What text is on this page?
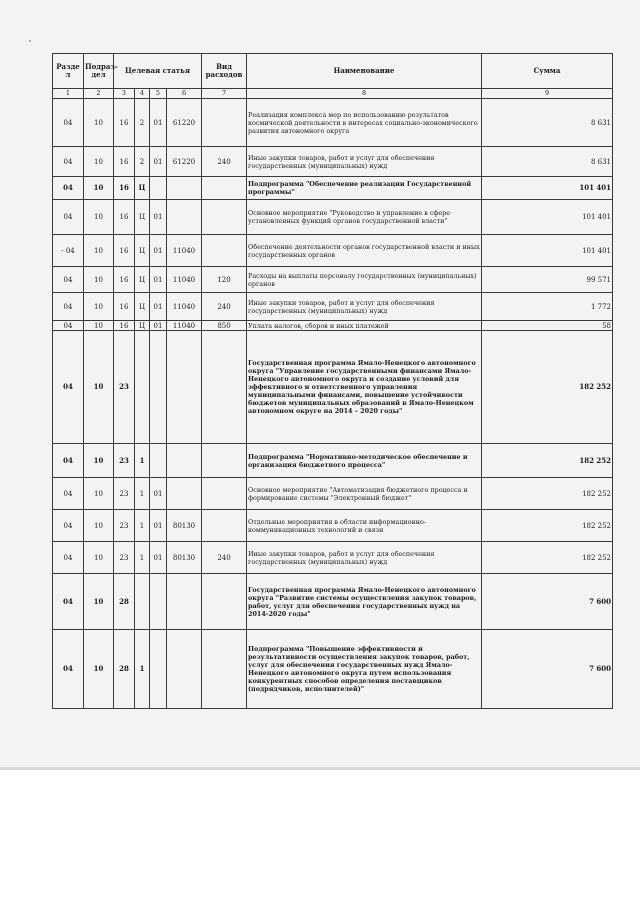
Разде л	Подраз- дел	Целевая статья				Вид расходов	Наименование	Сумма
1	2	3	4	5	6	7	8	9
04	10	16	2	01	61220		Реализация комплекса мер по использованию результатов космической деятельности в интересах социально-экономического развития автономного округа	8 631
04	10	16	2	01	61220	240	Иные закупки товаров, работ и услуг для обеспечения государственных (муниципальных) нужд	8 631
04	10	16	Ц				Подпрограмма "Обеспечение реализации Государственной программы"	101 401
04	10	16	Ц	01			Основное мероприятие "Руководство и управление в сфере установленных функций органов государственной власти"	101 401
- 04	10	16	Ц	01	11040		Обеспечение деятельности органов государственной власти и иных государственных органов	101 401
04	10	16	Ц	01	11040	120	Расходы на выплаты персоналу государственных (муниципальных) органов	99 571
04	10	16	Ц	01	11040	240	Иные закупки товаров, работ и услуг для обеспечения государственных (муниципальных) нужд	1 772
04	10	16	Ц	01	11040	850	Уплата налогов, сборов и иных платежей	58
04	10	23					Государственная программа Ямало-Ненецкого автономного округа "Управление государственными финансами Ямало-Ненецкого автономного округа и создание условий для эффективного и ответственного управления муниципальными финансами, повышение устойчивости бюджетов муниципальных образований в Ямало-Ненецком автономном округе на 2014 – 2020 годы"	182 252
04	10	23	1				Подпрограмма "Нормативно-методическое обеспечение и организация бюджетного процесса"	182 252
04	10	23	1	01			Основное мероприятие "Автоматизация бюджетного процесса и формирование системы "Электронный бюджет"	182 252
04	10	23	1	01	80130		Отдельные мероприятия в области информационно-коммуникационных технологий и связи	182 252
04	10	23	1	01	80130	240	Иные закупки товаров, работ и услуг для обеспечения государственных (муниципальных) нужд	182 252
04	10	28					Государственная программа Ямало-Ненецкого автономного округа "Развитие системы осуществления закупок товаров, работ, услуг для обеспечения государственных нужд на 2014-2020 годы"	7 600
04	10	28	1				Подпрограмма "Повышение эффективности и результативности осуществления закупок товаров, работ, услуг для обеспечения государственных нужд Ямало-Ненецкого автономного округа путем использования конкурентных способов определения поставщиков (подрядчиков, исполнителей)"	7 600
